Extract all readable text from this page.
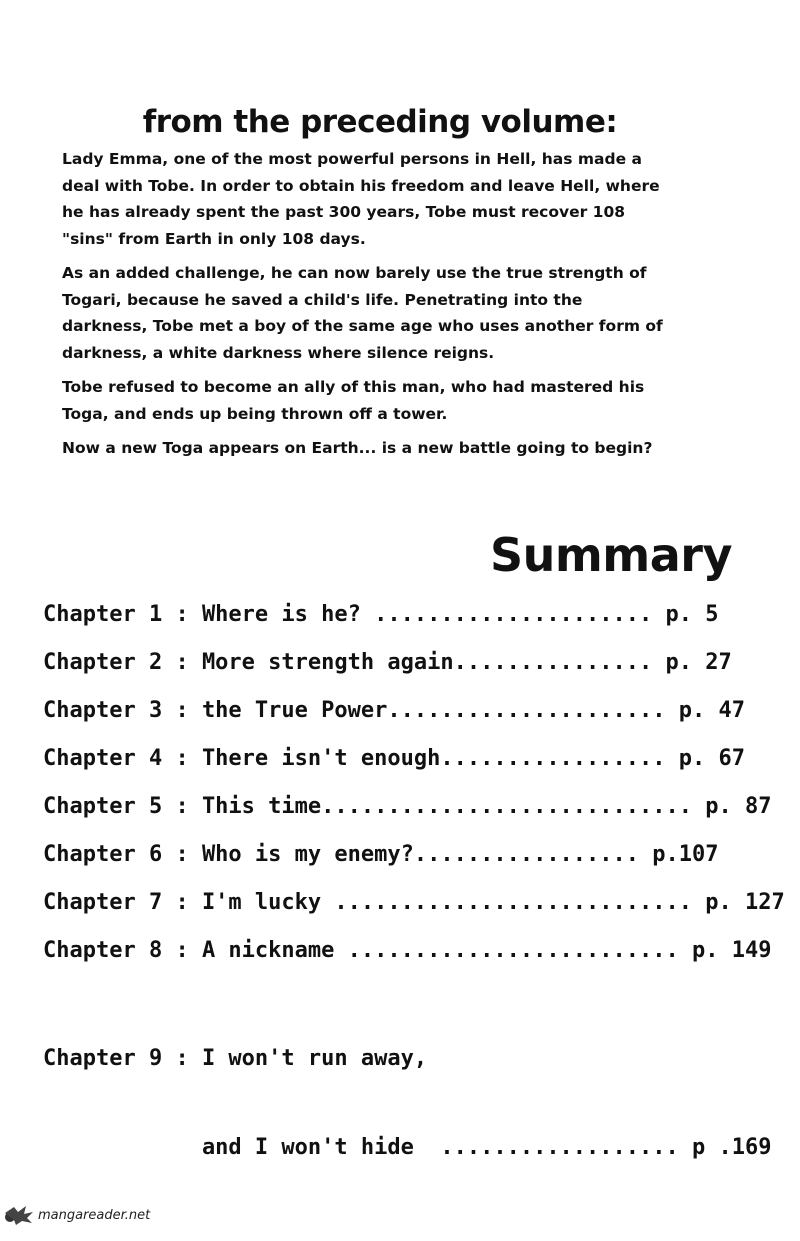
from the preceding volume:

Lady Emma, one of the most powerful persons in Hell, has made a deal with Tobe. In order to obtain his freedom and leave Hell, where he has already spent the past 300 years, Tobe must recover 108 "sins" from Earth in only 108 days.

As an added challenge, he can now barely use the true strength of Togari, because he saved a child's life. Penetrating into the darkness, Tobe met a boy of the same age who uses another form of darkness, a white darkness where silence reigns.

Tobe refused to become an ally of this man, who had mastered his Toga, and ends up being thrown off a tower.

Now a new Toga appears on Earth... is a new battle going to begin?

Summary
Chapter 1 : Where is he? ..................... p. 5
Chapter 2 : More strength again............... p. 27
Chapter 3 : the True Power..................... p. 47
Chapter 4 : There isn't enough................. p. 67
Chapter 5 : This time............................ p. 87
Chapter 6 : Who is my enemy?................. p.107
Chapter 7 : I'm lucky ........................... p. 127
Chapter 8 : A nickname ......................... p. 149

Chapter 9 : I won't run away,

and I won't hide  .................. p .169

mangareader.net
